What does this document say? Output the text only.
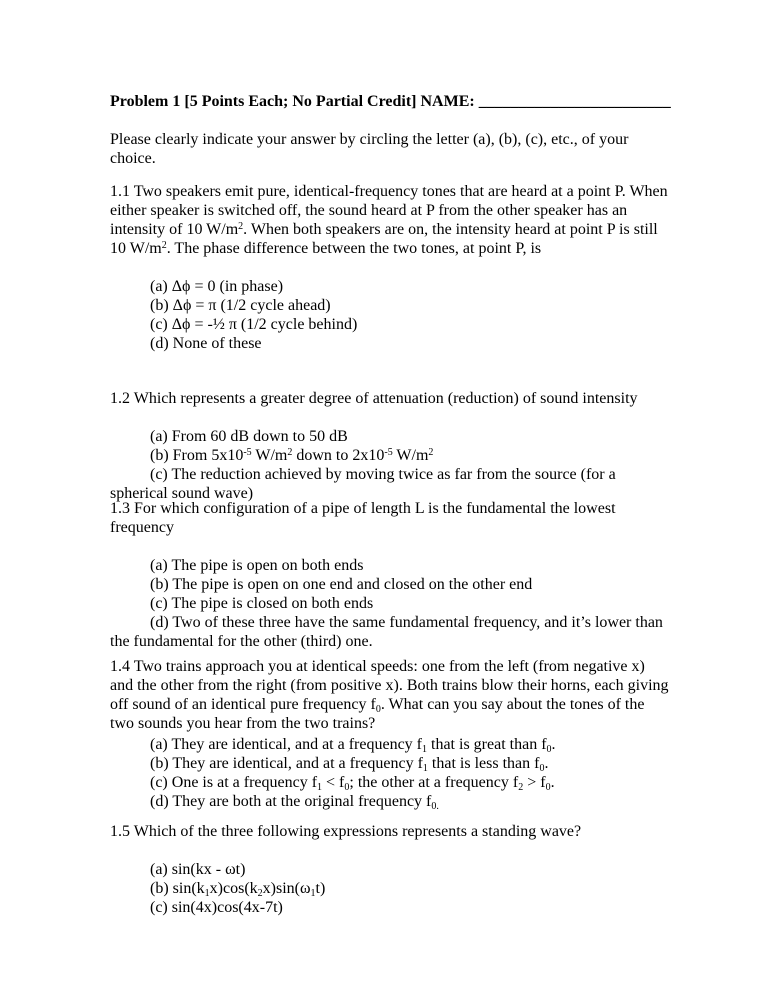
Problem 1 [5 Points Each; No Partial Credit] NAME: ________________________
Please clearly indicate your answer by circling the letter (a), (b), (c), etc., of your choice.
1.1 Two speakers emit pure, identical-frequency tones that are heard at a point P. When either speaker is switched off, the sound heard at P from the other speaker has an intensity of 10 $W/m^2$. When both speakers are on, the intensity heard at point P is still 10 $W/m^2$. The phase difference between the two tones, at point P, is
(a) Δϕ = 0 (in phase)
(b) Δϕ = π (1/2 cycle ahead)
(c) Δϕ = -½ π (1/2 cycle behind)
(d) None of these
1.2 Which represents a greater degree of attenuation (reduction) of sound intensity
(a) From 60 dB down to 50 dB
(b) From $5x10^{-5}$ $W/m^2$ down to $2x10^{-5}$ $W/m^2$
(c) The reduction achieved by moving twice as far from the source (for a spherical sound wave)
1.3 For which configuration of a pipe of length L is the fundamental the lowest frequency
(a) The pipe is open on both ends
(b) The pipe is open on one end and closed on the other end
(c) The pipe is closed on both ends
(d) Two of these three have the same fundamental frequency, and it’s lower than the fundamental for the other (third) one.
1.4 Two trains approach you at identical speeds: one from the left (from negative x) and the other from the right (from positive x). Both trains blow their horns, each giving off sound of an identical pure frequency $f_0$. What can you say about the tones of the two sounds you hear from the two trains?
(a) They are identical, and at a frequency $f_1$ that is great than $f_0$.
(b) They are identical, and at a frequency $f_1$ that is less than $f_0$.
(c) One is at a frequency $f_1 < f_0$; the other at a frequency $f_2 > f_0$.
(d) They are both at the original frequency $f_{0.}$
1.5 Which of the three following expressions represents a standing wave?
(a) sin(kx - ωt)
(b) $\sin(k_1x)\cos(k_2x)\sin(\omega_1t)$
(c) sin(4x)cos(4x-7t)
